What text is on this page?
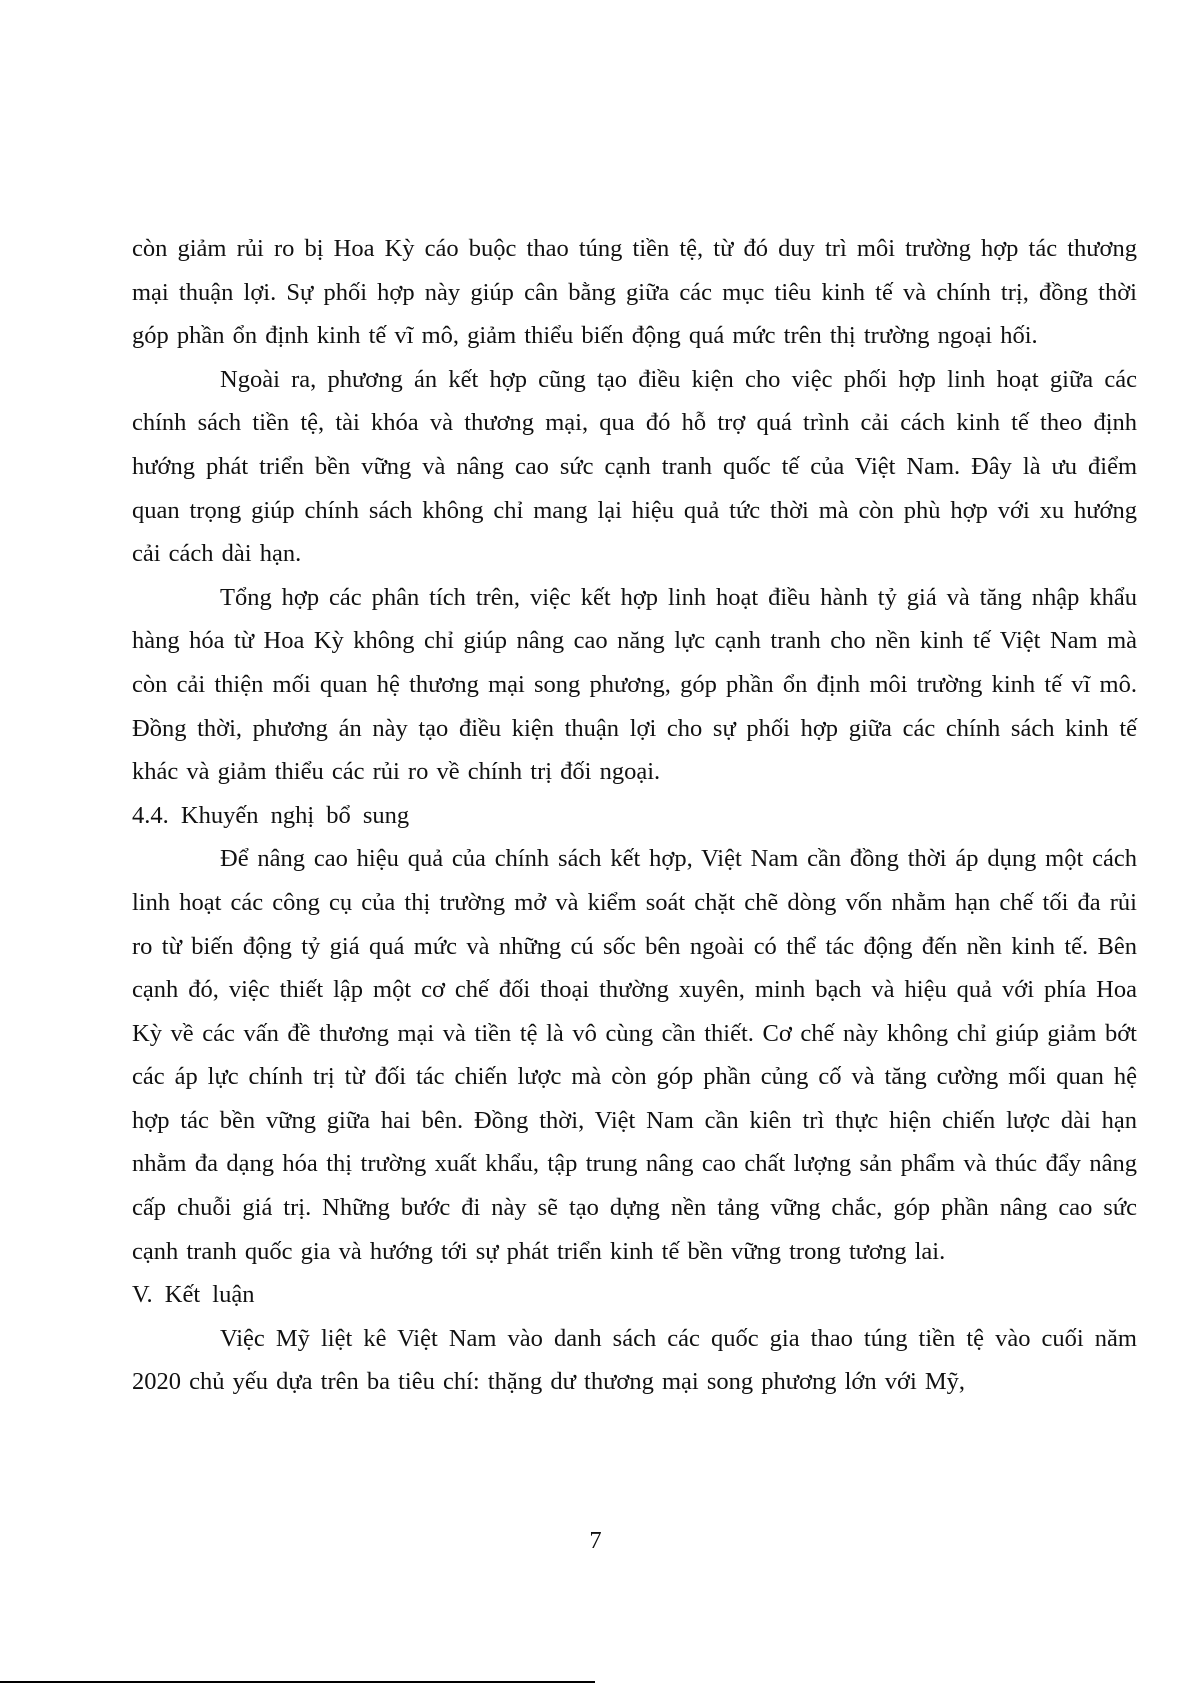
còn giảm rủi ro bị Hoa Kỳ cáo buộc thao túng tiền tệ, từ đó duy trì môi trường hợp tác thương mại thuận lợi. Sự phối hợp này giúp cân bằng giữa các mục tiêu kinh tế và chính trị, đồng thời góp phần ổn định kinh tế vĩ mô, giảm thiểu biến động quá mức trên thị trường ngoại hối.

Ngoài ra, phương án kết hợp cũng tạo điều kiện cho việc phối hợp linh hoạt giữa các chính sách tiền tệ, tài khóa và thương mại, qua đó hỗ trợ quá trình cải cách kinh tế theo định hướng phát triển bền vững và nâng cao sức cạnh tranh quốc tế của Việt Nam. Đây là ưu điểm quan trọng giúp chính sách không chỉ mang lại hiệu quả tức thời mà còn phù hợp với xu hướng cải cách dài hạn.

Tổng hợp các phân tích trên, việc kết hợp linh hoạt điều hành tỷ giá và tăng nhập khẩu hàng hóa từ Hoa Kỳ không chỉ giúp nâng cao năng lực cạnh tranh cho nền kinh tế Việt Nam mà còn cải thiện mối quan hệ thương mại song phương, góp phần ổn định môi trường kinh tế vĩ mô. Đồng thời, phương án này tạo điều kiện thuận lợi cho sự phối hợp giữa các chính sách kinh tế khác và giảm thiểu các rủi ro về chính trị đối ngoại.

4.4. Khuyến nghị bổ sung

Để nâng cao hiệu quả của chính sách kết hợp, Việt Nam cần đồng thời áp dụng một cách linh hoạt các công cụ của thị trường mở và kiểm soát chặt chẽ dòng vốn nhằm hạn chế tối đa rủi ro từ biến động tỷ giá quá mức và những cú sốc bên ngoài có thể tác động đến nền kinh tế. Bên cạnh đó, việc thiết lập một cơ chế đối thoại thường xuyên, minh bạch và hiệu quả với phía Hoa Kỳ về các vấn đề thương mại và tiền tệ là vô cùng cần thiết. Cơ chế này không chỉ giúp giảm bớt các áp lực chính trị từ đối tác chiến lược mà còn góp phần củng cố và tăng cường mối quan hệ hợp tác bền vững giữa hai bên. Đồng thời, Việt Nam cần kiên trì thực hiện chiến lược dài hạn nhằm đa dạng hóa thị trường xuất khẩu, tập trung nâng cao chất lượng sản phẩm và thúc đẩy nâng cấp chuỗi giá trị. Những bước đi này sẽ tạo dựng nền tảng vững chắc, góp phần nâng cao sức cạnh tranh quốc gia và hướng tới sự phát triển kinh tế bền vững trong tương lai.

V. Kết luận

Việc Mỹ liệt kê Việt Nam vào danh sách các quốc gia thao túng tiền tệ vào cuối năm 2020 chủ yếu dựa trên ba tiêu chí: thặng dư thương mại song phương lớn với Mỹ,

7
